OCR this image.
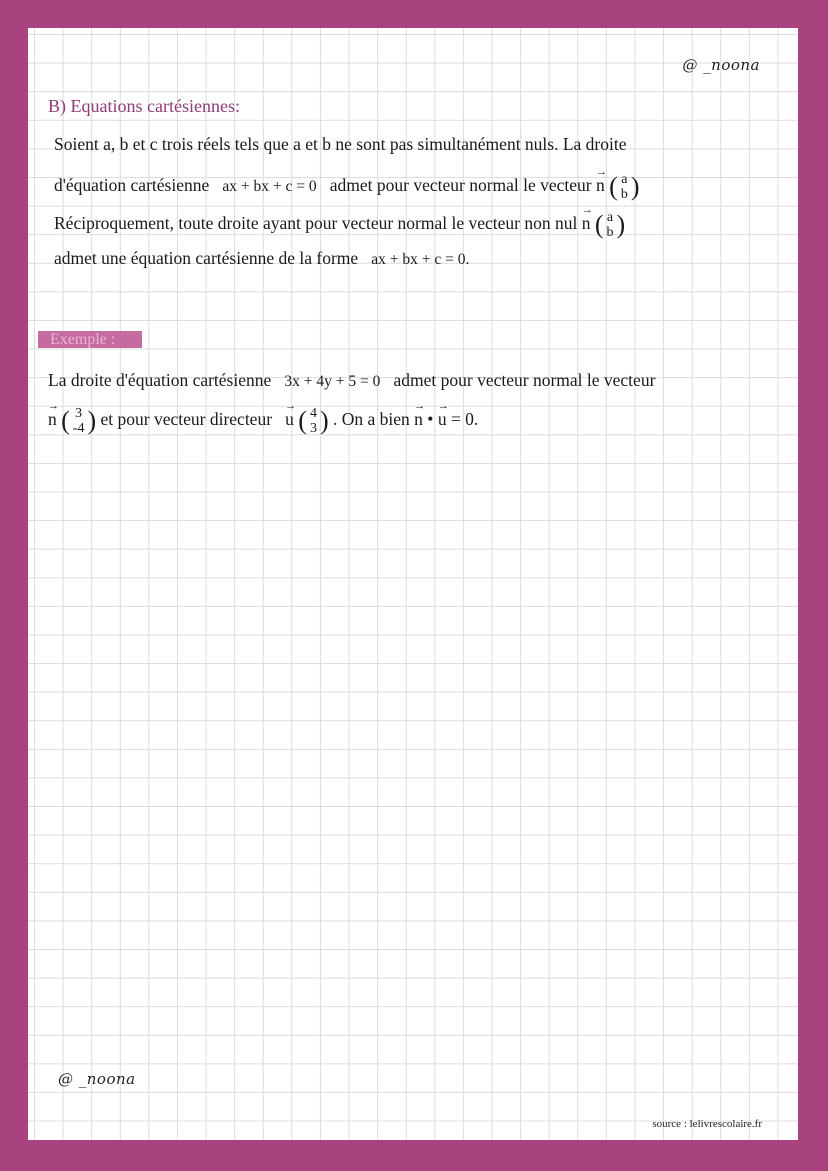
@ _noona
B) Equations cartésiennes:
Soient a, b et c trois réels tels que a et b ne sont pas simultanément nuls. La droite
d'équation cartésienne ax + bx + c = 0 admet pour vecteur normal le vecteur
→
n ( a
b )
Réciproquement, toute droite ayant pour vecteur normal le vecteur non nul
→
n ( a
b )
admet une équation cartésienne de la forme ax + bx + c = 0.
Exemple :
La droite d'équation cartésienne 3x + 4y + 5 = 0 admet pour vecteur normal le vecteur
→
n ( 3
-4 ) et pour vecteur directeur
→
u ( 4
3 ) . On a bien
→
n •
→
u = 0.
@ _noona
source : lelivrescolaire.fr
